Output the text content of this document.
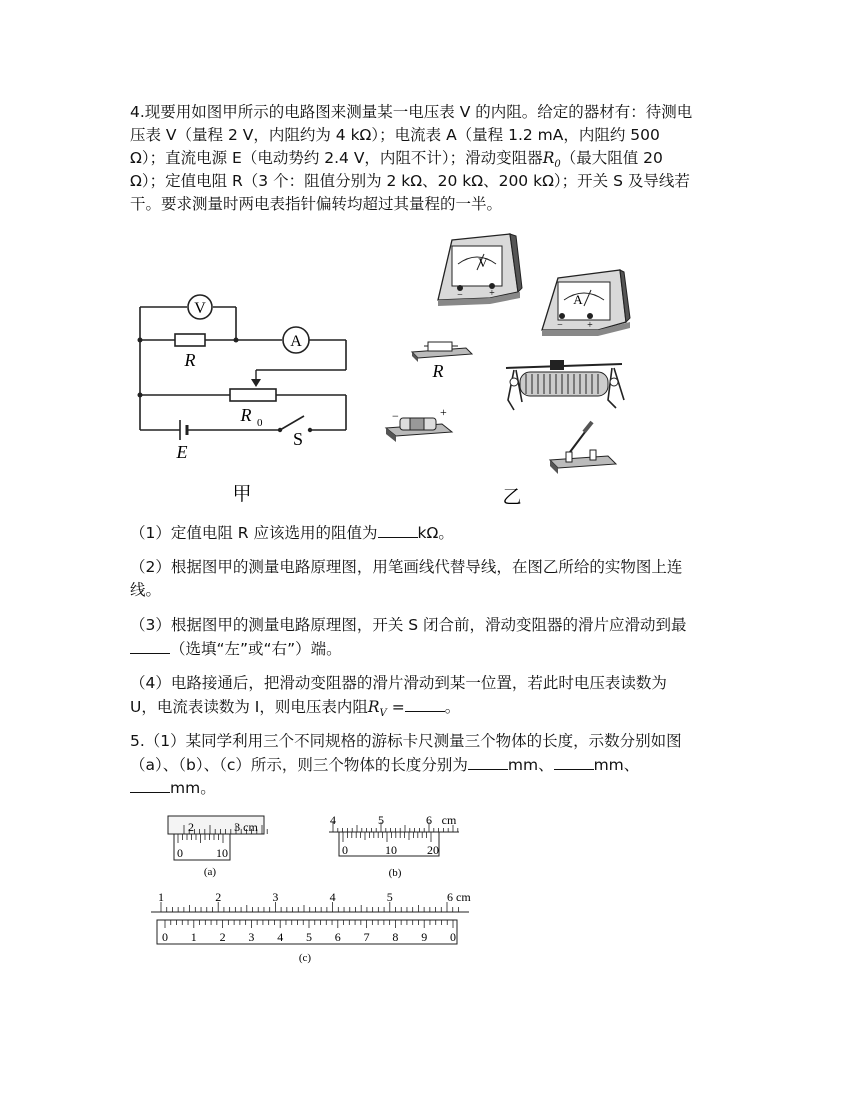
4.现要用如图甲所示的电路图来测量某一电压表 V 的内阻。给定的器材有：待测电

压表 V（量程 2 V，内阻约为 4 kΩ）；电流表 A（量程 1.2 mA，内阻约 500

Ω）；直流电源 E（电动势约 2.4 V，内阻不计）；滑动变阻器$R_0$（最大阻值 20

Ω）；定值电阻 R（3 个：阻值分别为 2 kΩ、20 kΩ、200 kΩ）；开关 S 及导线若

干。要求测量时两电表指针偏转均超过其量程的一半。

V
A
R
R 0
E
S
甲
V
−	+	A
− +
R
−	+
乙

（1）定值电阻 R 应该选用的阻值为	kΩ。

（2）根据图甲的测量电路原理图，用笔画线代替导线，在图乙所给的实物图上连

线。

（3）根据图甲的测量电路原理图，开关 S 闭合前，滑动变阻器的滑片应滑动到最

（选填“左”或“右”）端。

（4）电路接通后，把滑动变阻器的滑片滑动到某一位置，若此时电压表读数为

U，电流表读数为 I，则电压表内阻$R_V$ =	。

5.（1）某同学利用三个不同规格的游标卡尺测量三个物体的长度，示数分别如图

（a）、（b）、（c）所示，则三个物体的长度分别为	mm、	mm、

mm。

2	3 cm
0	10
(a)
4	5	6 cm
0	10	20
(b)
1	2	3	4	5	6 cm
0 1 2 3 4 5 6 7 8 9 0
(c)
